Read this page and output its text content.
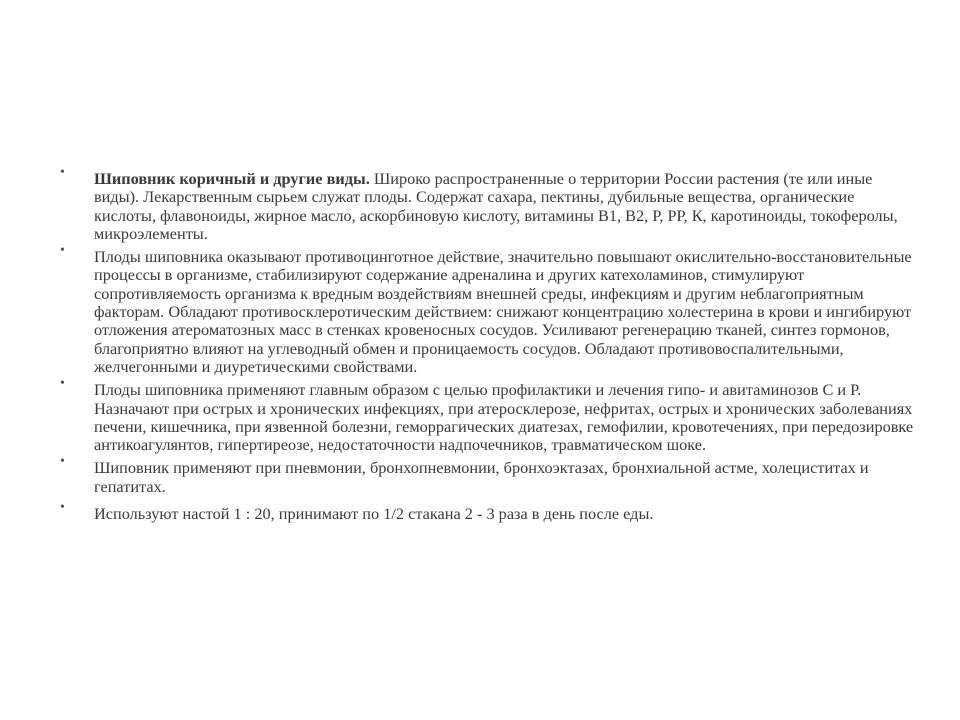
• Шиповник коричный и другие виды. Широко распространенные о территории России растения (те или иные виды). Лекарственным сырьем служат плоды. Содержат сахара, пектины, дубильные вещества, органические кислоты, флавоноиды, жирное масло, аскорбиновую кислоту, витамины В1, В2, Р, РР, К, каротиноиды, токоферолы, микроэлементы.
• Плоды шиповника оказывают противоцинготное действие, значительно повышают окислительно-восстановительные процессы в организме, стабилизируют содержание адреналина и других катехоламинов, стимулируют сопротивляемость организма к вредным воздействиям внешней среды, инфекциям и другим неблагоприятным факторам. Обладают противосклеротическим действием: снижают концентрацию холестерина в крови и ингибируют отложения атероматозных масс в стенках кровеносных сосудов. Усиливают регенерацию тканей, синтез гормонов, благоприятно влияют на углеводный обмен и проницаемость сосудов. Обладают противовоспалительными, желчегонными и диуретическими свойствами.
• Плоды шиповника применяют главным образом с целью профилактики и лечения гипо- и авитаминозов С и Р. Назначают при острых и хронических инфекциях, при атеросклерозе, нефритах, острых и хронических заболеваниях печени, кишечника, при язвенной болезни, геморрагических диатезах, гемофилии, кровотечениях, при передозировке антикоагулянтов, гипертиреозе, недостаточности надпочечников, травматическом шоке.
• Шиповник применяют при пневмонии, бронхопневмонии, бронхоэктазах, бронхиальной астме, холециститах и гепатитах.
• Используют настой 1 : 20, принимают по 1/2 стакана 2 - 3 раза в день после еды.
